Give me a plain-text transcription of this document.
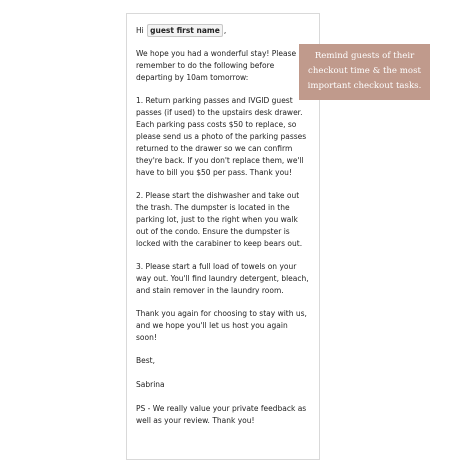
Hi guest first name ,
We hope you had a wonderful stay! Please remember to do the following before departing by 10am tomorrow:
1. Return parking passes and IVGID guest passes (if used) to the upstairs desk drawer. Each parking pass costs $50 to replace, so please send us a photo of the parking passes returned to the drawer so we can confirm they're back. If you don't replace them, we'll have to bill you $50 per pass. Thank you!
2. Please start the dishwasher and take out the trash. The dumpster is located in the parking lot, just to the right when you walk out of the condo. Ensure the dumpster is locked with the carabiner to keep bears out.
3. Please start a full load of towels on your way out. You'll find laundry detergent, bleach, and stain remover in the laundry room.
Thank you again for choosing to stay with us, and we hope you'll let us host you again soon!
Best,
Sabrina
PS - We really value your private feedback as well as your review. Thank you!
Remind guests of their checkout time & the most important checkout tasks.
